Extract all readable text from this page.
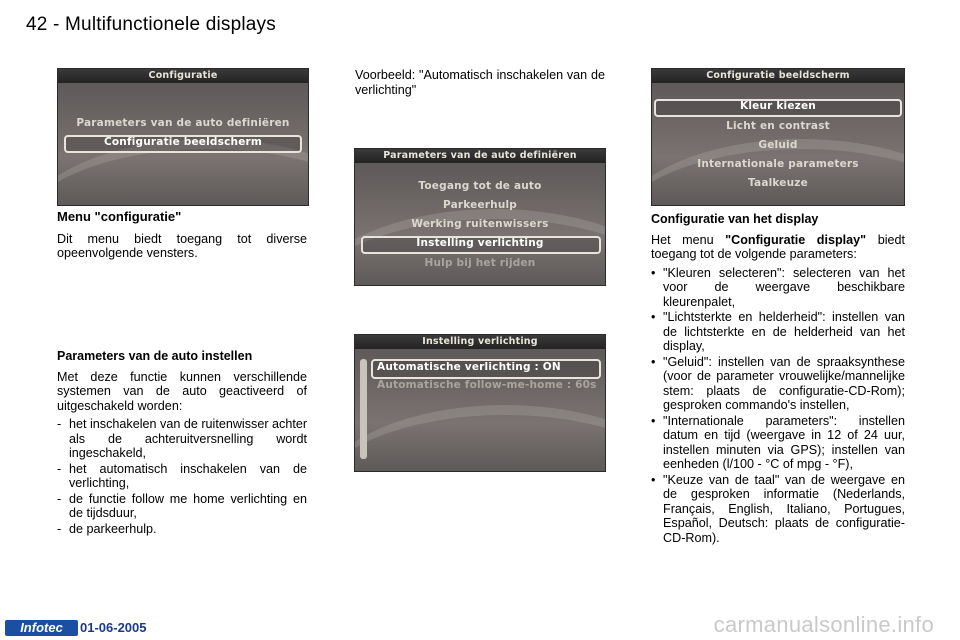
42 - Multifunctionele displays
Configuratie
Parameters van de auto definiëren
Configuratie beeldscherm
Parameters van de auto definiëren
Toegang tot de auto
Parkeerhulp
Werking ruitenwissers
Instelling verlichting
Hulp bij het rijden
Instelling verlichting
Automatische verlichting : ON
Automatische follow-me-home : 60s
Configuratie beeldscherm
Kleur kiezen
Licht en contrast
Geluid
Internationale parameters
Taalkeuze
Menu "configuratie"

Dit menu biedt toegang tot diverse opeenvolgende vensters.

Parameters van de auto instellen

Met deze functie kunnen verschillende systemen van de auto geactiveerd of uitgeschakeld worden:

- het inschakelen van de ruitenwisser achter als de achteruitversnelling wordt ingeschakeld,
- het automatisch inschakelen van de verlichting,
- de functie follow me home verlichting en de tijdsduur,
- de parkeerhulp.

Voorbeeld: "Automatisch inschakelen van de verlichting"

Configuratie van het display

Het menu "Configuratie display" biedt toegang tot de volgende parameters:

• "Kleuren selecteren": selecteren van het voor de weergave beschikbare kleurenpalet,
• "Lichtsterkte en helderheid": instellen van de lichtsterkte en de helderheid van het display,
• "Geluid": instellen van de spraaksynthese (voor de parameter vrouwelijke/mannelijke stem: plaats de configuratie-CD-Rom); gesproken commando's instellen,
• "Internationale parameters": instellen datum en tijd (weergave in 12 of 24 uur, instellen minuten via GPS); instellen van eenheden (l/100 - °C of mpg - °F),
• "Keuze van de taal" van de weergave en de gesproken informatie (Nederlands, Français, English, Italiano, Portugues, Español, Deutsch: plaats de configuratie-CD-Rom).
Infotec	01-06-2005	carmanualsonline.info
